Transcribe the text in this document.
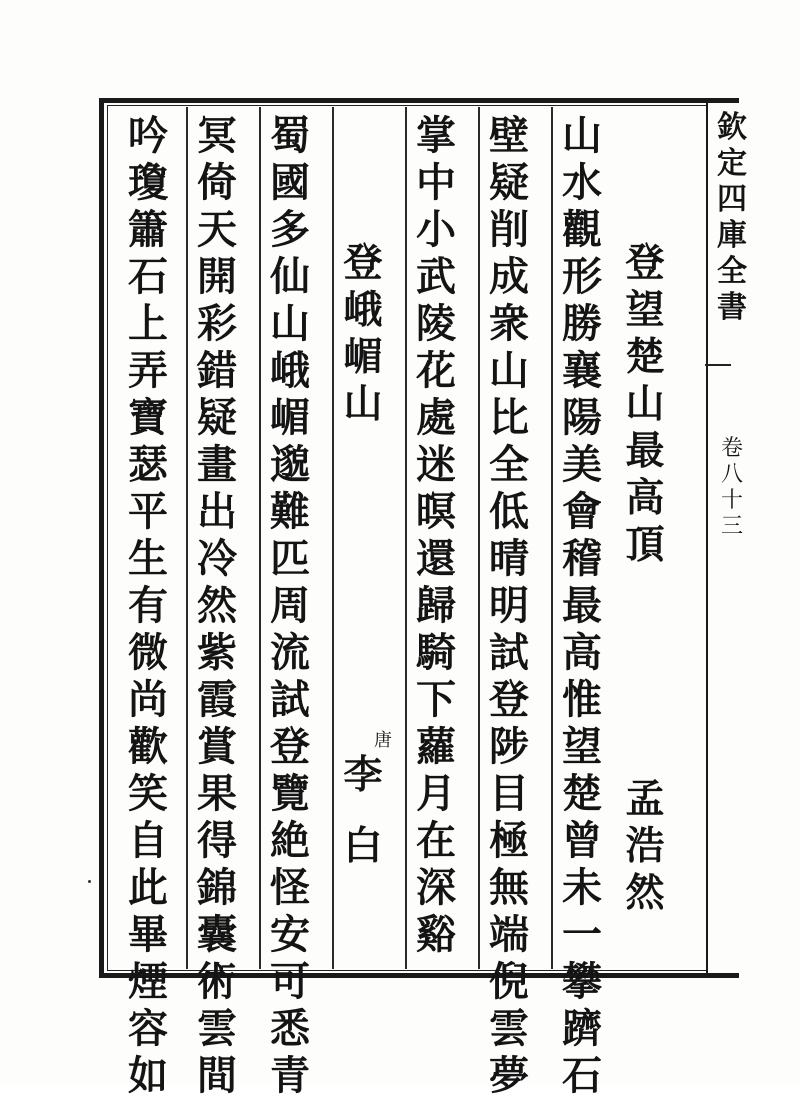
欽
定
四
庫
全
書
卷
八
十
三
登
望
楚
山
最
高
頂
孟
浩
然
山
水
觀
形
勝
襄
陽
美
會
稽
最
高
惟
望
楚
曾
未
一
攀
躋
石
壁
疑
削
成
衆
山
比
全
低
晴
明
試
登
陟
目
極
無
端
倪
雲
夢
掌
中
小
武
陵
花
處
迷
暝
還
歸
騎
下
蘿
月
在
深
谿
登
峨
嵋
山
唐
李
白
蜀
國
多
仙
山
峨
嵋
邈
難
匹
周
流
試
登
覽
絶
怪
安
可
悉
青
冥
倚
天
開
彩
錯
疑
畫
出
冷
然
紫
霞
賞
果
得
錦
囊
術
雲
間
吟
瓊
簫
石
上
弄
寶
瑟
平
生
有
微
尚
歡
笑
自
此
畢
煙
容
如
